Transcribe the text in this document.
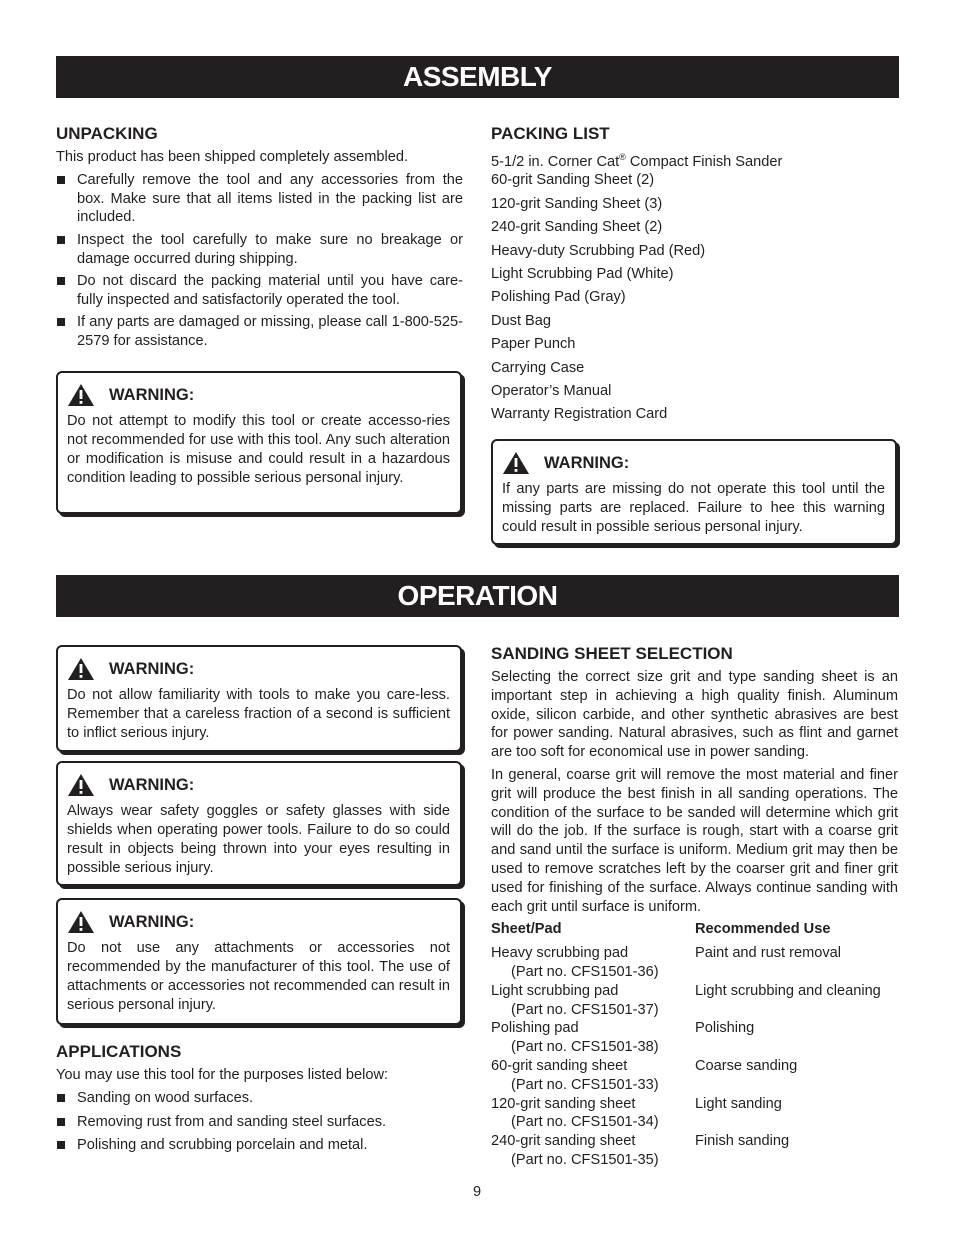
ASSEMBLY
UNPACKING

This product has been shipped completely assembled.

Carefully remove the tool and any accessories from the box. Make sure that all items listed in the packing list are included.
Inspect the tool carefully to make sure no breakage or damage occurred during shipping.
Do not discard the packing material until you have care-fully inspected and satisfactorily operated the tool.
If any parts are damaged or missing, please call 1-800-525-2579 for assistance.
WARNING:
Do not attempt to modify this tool or create accesso-ries not recommended for use with this tool. Any such alteration or modification is misuse and could result in a hazardous condition leading to possible serious personal injury.
PACKING LIST
5-1/2 in. Corner Cat® Compact Finish Sander
60-grit Sanding Sheet (2)
120-grit Sanding Sheet (3)
240-grit Sanding Sheet (2)
Heavy-duty Scrubbing Pad (Red)
Light Scrubbing Pad (White)
Polishing Pad (Gray)
Dust Bag
Paper Punch
Carrying Case
Operator’s Manual
Warranty Registration Card
WARNING:
If any parts are missing do not operate this tool until the missing parts are replaced. Failure to hee this warning could result in possible serious personal injury.
OPERATION
WARNING:
Do not allow familiarity with tools to make you care-less. Remember that a careless fraction of a second is sufficient to inflict serious injury.
WARNING:
Always wear safety goggles or safety glasses with side shields when operating power tools. Failure to do so could result in objects being thrown into your eyes resulting in possible serious injury.
WARNING:
Do not use any attachments or accessories not recommended by the manufacturer of this tool. The use of attachments or accessories not recommended can result in serious personal injury.
APPLICATIONS

You may use this tool for the purposes listed below:

Sanding on wood surfaces.
Removing rust from and sanding steel surfaces.
Polishing and scrubbing porcelain and metal.
SANDING SHEET SELECTION

Selecting the correct size grit and type sanding sheet is an important step in achieving a high quality finish. Aluminum oxide, silicon carbide, and other synthetic abrasives are best for power sanding. Natural abrasives, such as flint and garnet are too soft for economical use in power sanding.

In general, coarse grit will remove the most material and finer grit will produce the best finish in all sanding operations. The condition of the surface to be sanded will determine which grit will do the job. If the surface is rough, start with a coarse grit and sand until the surface is uniform. Medium grit may then be used to remove scratches left by the coarser grit and finer grit used for finishing of the surface. Always continue sanding with each grit until surface is uniform.

Sheet/Pad	Recommended Use

Heavy scrubbing pad
(Part no. CFS1501-36)	Paint and rust removal

Light scrubbing pad
(Part no. CFS1501-37)	Light scrubbing and cleaning

Polishing pad
(Part no. CFS1501-38)	Polishing

60-grit sanding sheet
(Part no. CFS1501-33)	Coarse sanding

120-grit sanding sheet
(Part no. CFS1501-34)	Light sanding

240-grit sanding sheet
(Part no. CFS1501-35)	Finish sanding
9
